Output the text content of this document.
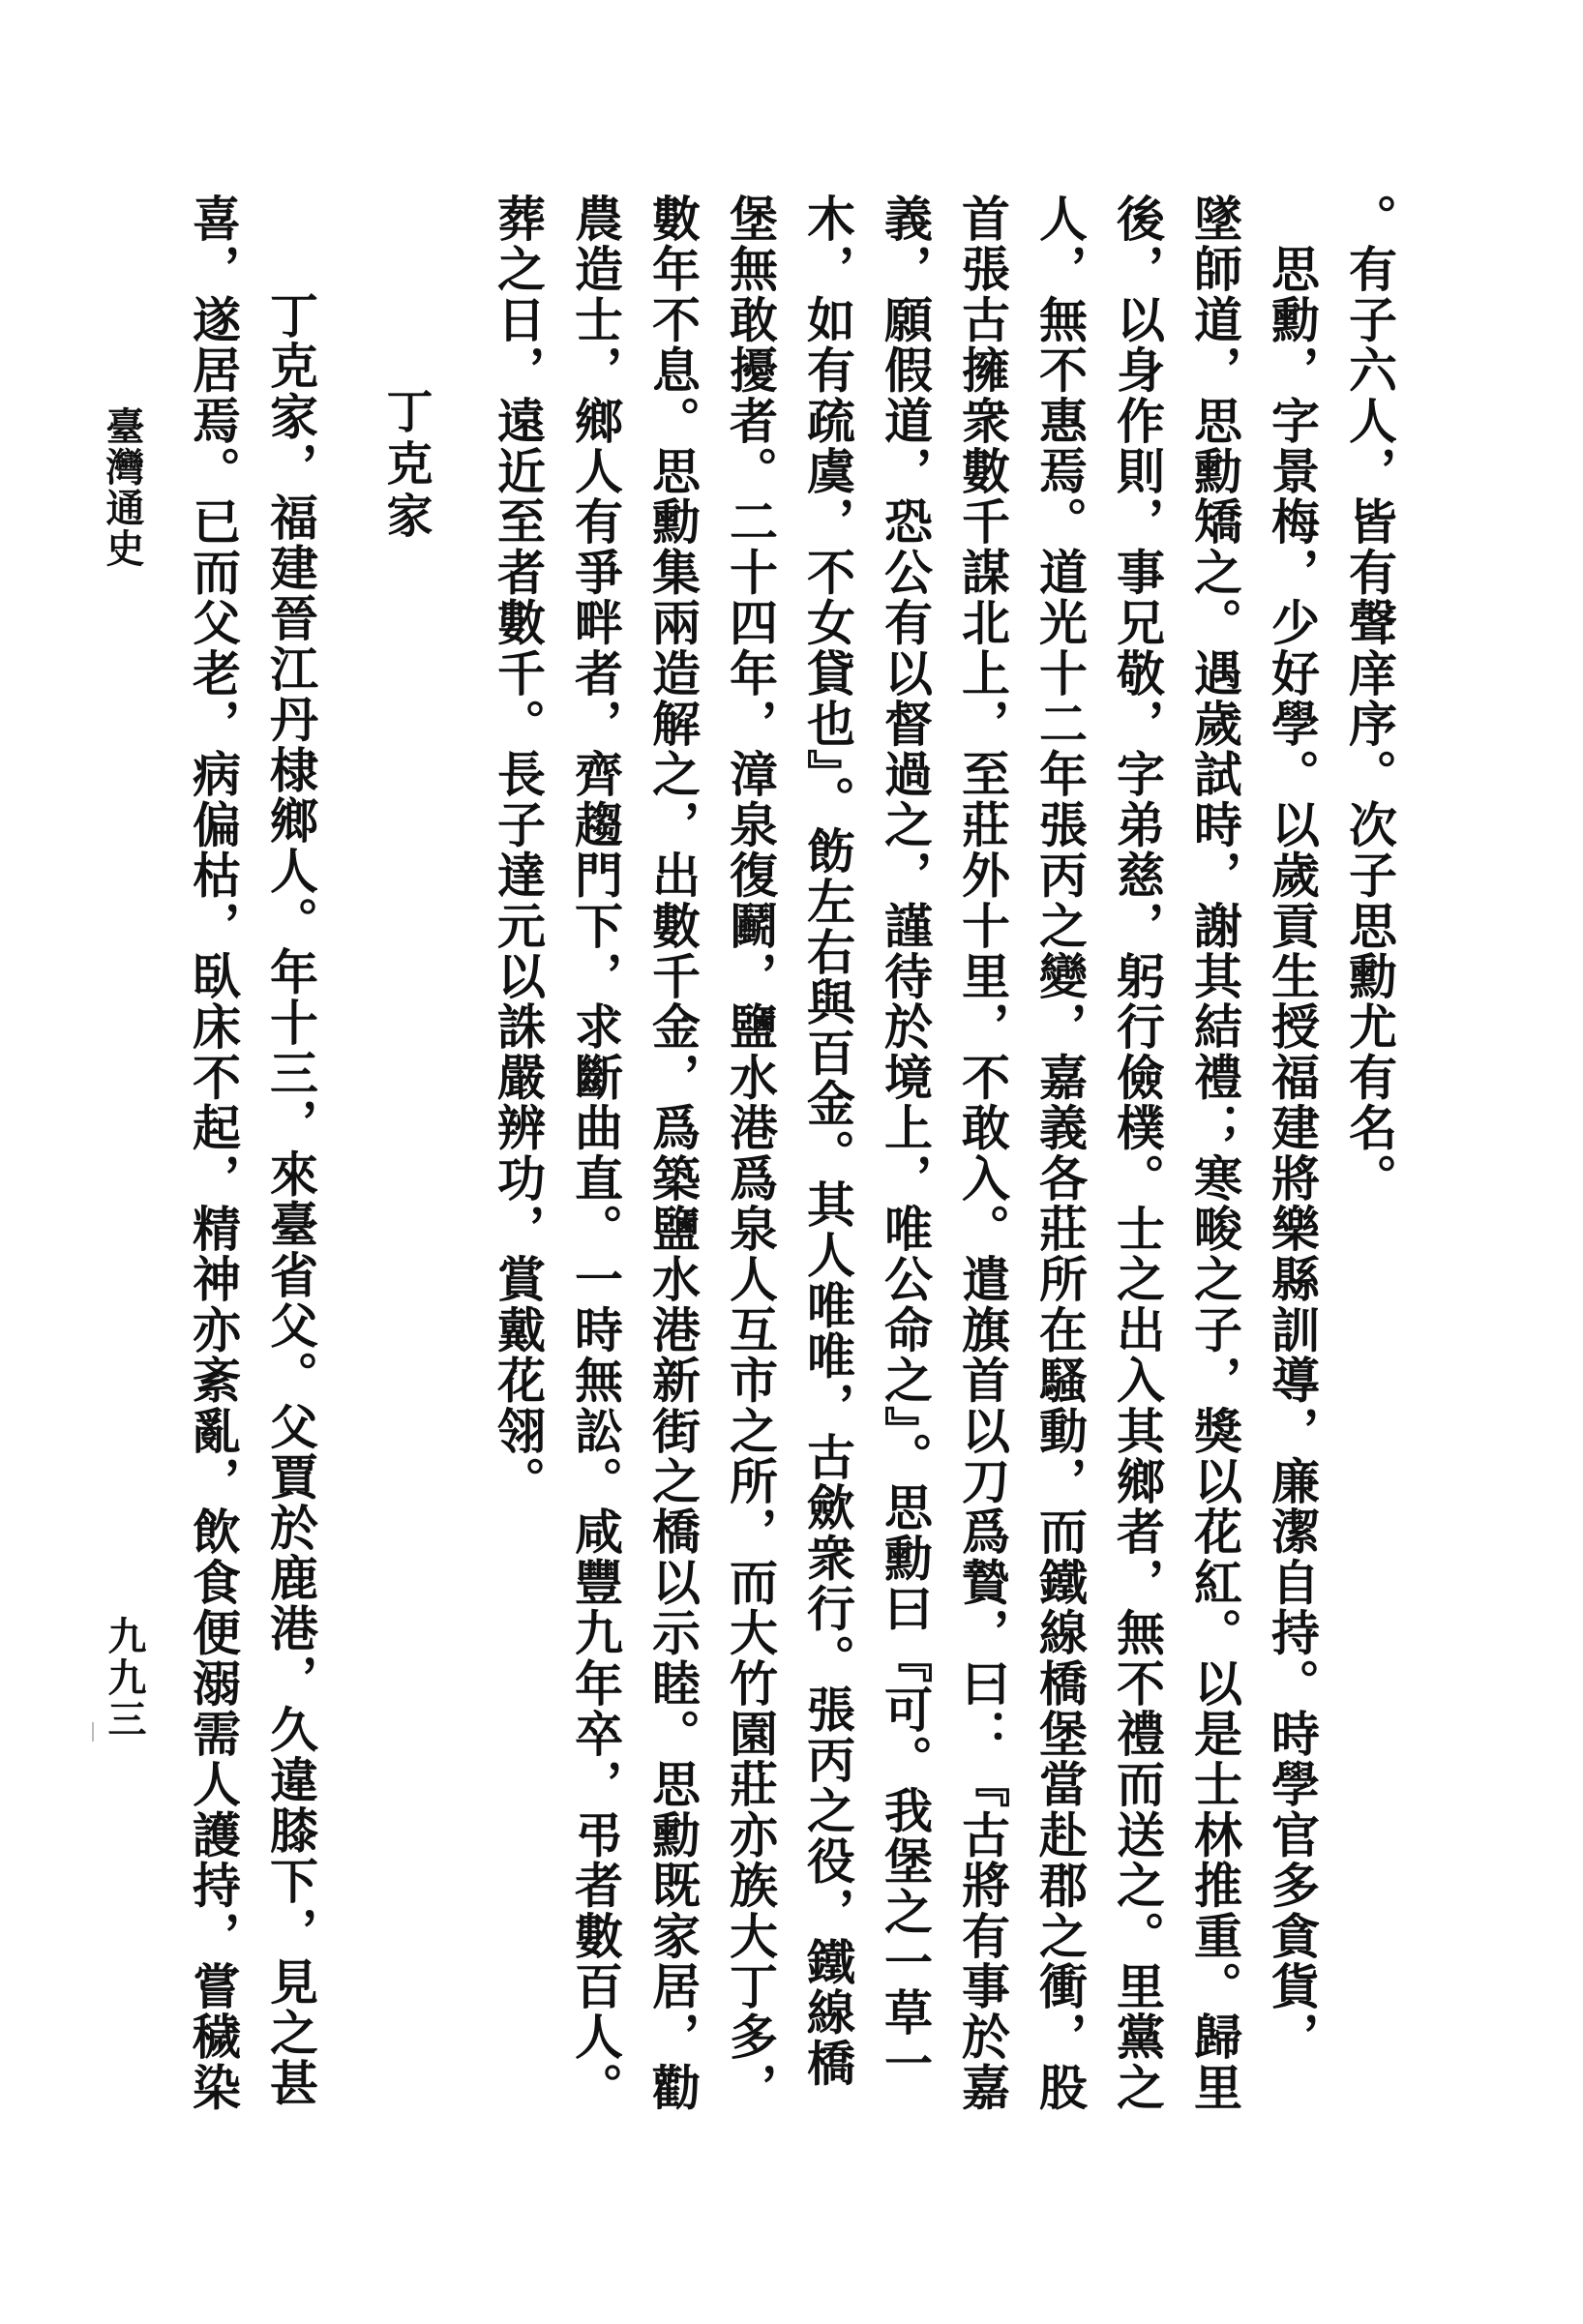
。有子六人，皆有聲庠序。次子思勳尤有名。
　思勳，字景梅，少好學。以歲貢生授福建將樂縣訓導，廉潔自持。時學官多貪貨，
墜師道，思勳矯之。遇歲試時，謝其結禮；寒畯之子，獎以花紅。以是士林推重。歸里
後，以身作則，事兄敬，字弟慈，躬行儉樸。士之出入其鄉者，無不禮而送之。里黨之
人，無不惠焉。道光十二年張丙之變，嘉義各莊所在騷動，而鐵線橋堡當赴郡之衝，股
首張古擁衆數千謀北上，至莊外十里，不敢入。遣旗首以刀爲贄，曰：『古將有事於嘉
義，願假道，恐公有以督過之，謹待於境上，唯公命之』。思勳曰『可。我堡之一草一
木，如有疏虞，不女貸也』。飭左右與百金。其人唯唯，古歛衆行。張丙之役，鐵線橋
堡無敢擾者。二十四年，漳泉復鬬，鹽水港爲泉人互市之所，而大竹園莊亦族大丁多，
數年不息。思勳集兩造解之，出數千金，爲築鹽水港新街之橋以示睦。思勳既家居，勸
農造士，鄉人有爭畔者，齊趨門下，求斷曲直。一時無訟。咸豐九年卒，弔者數百人。
葬之日，遠近至者數千。長子達元以誅嚴辨功，賞戴花翎。
丁克家
丁克家，福建晉江丹棣鄉人。年十三，來臺省父。父賈於鹿港，久違膝下，見之甚
喜，遂居焉。已而父老，病偏枯，臥床不起，精神亦紊亂，飲食便溺需人護持，嘗穢染
臺灣通史
九九三
